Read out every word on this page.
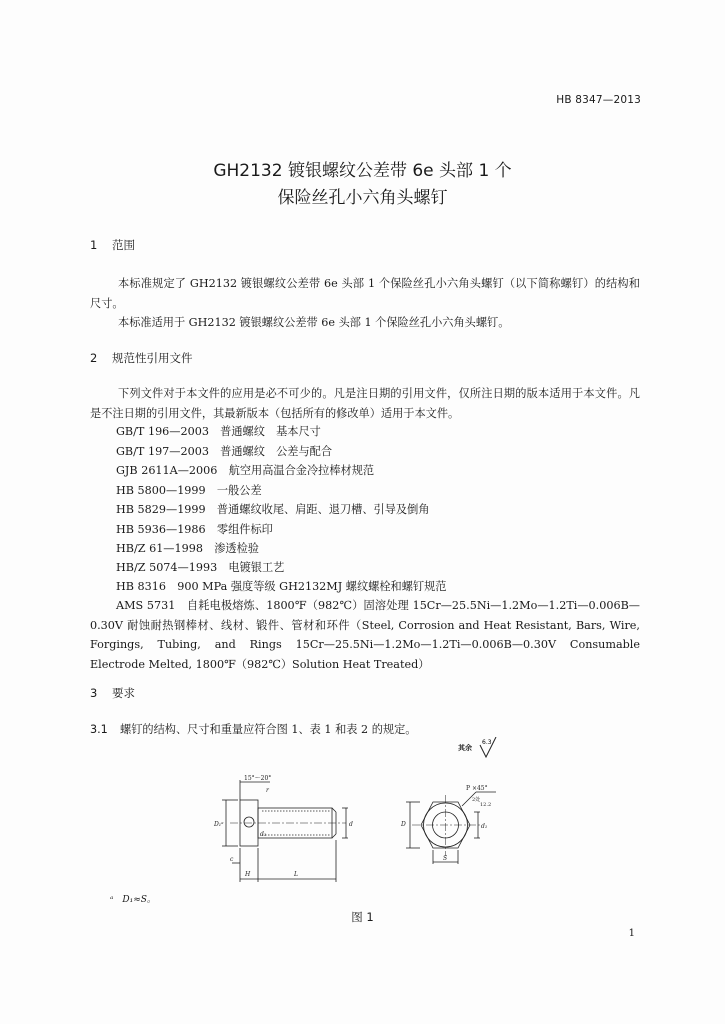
HB 8347—2013
GH2132 镀银螺纹公差带 6e 头部 1 个
保险丝孔小六角头螺钉
1 范围
本标准规定了 GH2132 镀银螺纹公差带 6e 头部 1 个保险丝孔小六角头螺钉（以下简称螺钉）的结构和尺寸。
本标准适用于 GH2132 镀银螺纹公差带 6e 头部 1 个保险丝孔小六角头螺钉。
2 规范性引用文件
下列文件对于本文件的应用是必不可少的。凡是注日期的引用文件，仅所注日期的版本适用于本文件。凡是不注日期的引用文件，其最新版本（包括所有的修改单）适用于本文件。
GB/T 196—2003　 普通螺纹　基本尺寸
GB/T 197—2003　 普通螺纹　公差与配合
GJB 2611A—2006　 航空用高温合金冷拉棒材规范
HB 5800—1999　 一般公差
HB 5829—1999　 普通螺纹收尾、肩距、退刀槽、引导及倒角
HB 5936—1986　 零组件标印
HB/Z 61—1998　 渗透检验
HB/Z 5074—1993　 电镀银工艺
HB 8316　 900 MPa 强度等级 GH2132MJ 螺纹螺栓和螺钉规范
AMS 5731　自耗电极熔炼、1800℉（982℃）固溶处理 15Cr—25.5Ni—1.2Mo—1.2Ti—0.006B—0.30V 耐蚀耐热钢棒材、线材、锻件、管材和环件（Steel, Corrosion and Heat Resistant, Bars, Wire, Forgings, Tubing, and Rings 15Cr—25.5Ni—1.2Mo—1.2Ti—0.006B—0.30V Consumable Electrode Melted, 1800℉（982℃）Solution Heat Treated）
3 要求
3.1 螺钉的结构、尺寸和重量应符合图 1、表 1 和表 2 的规定。
其余
6.3
15°～20°
r
d
D₁ᵃ
d₁
c
H	L
D	d₁
S
P ×45°
2处
12.2
ᵃ　D₁≈S。
图 1
1
